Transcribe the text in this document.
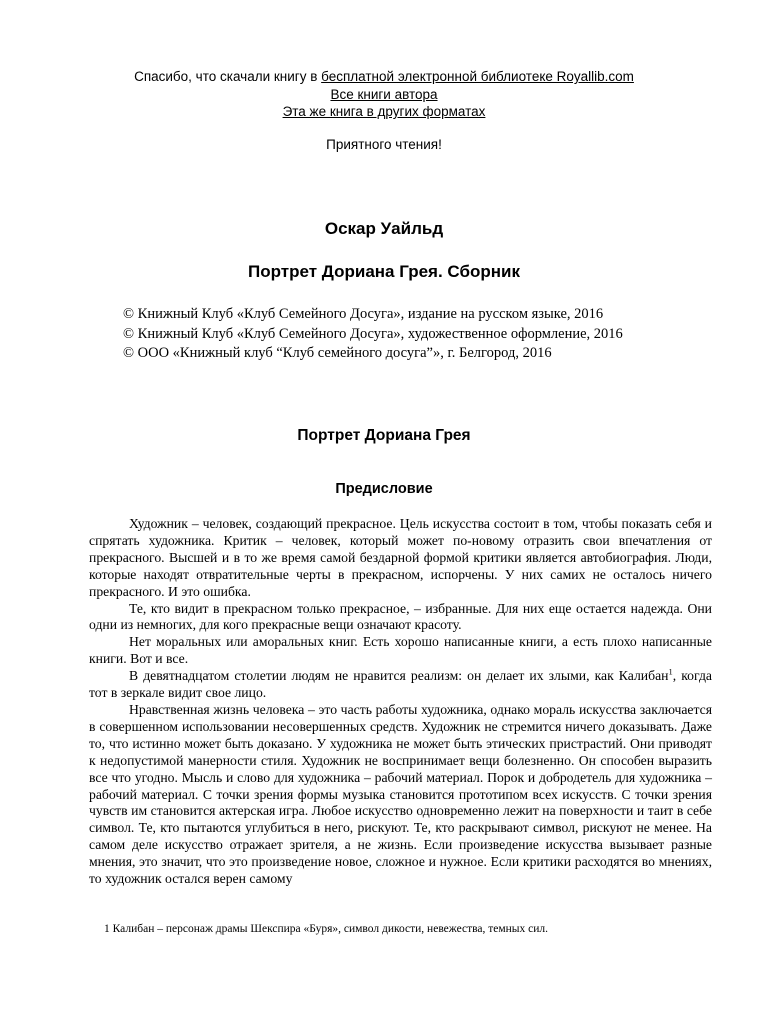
Спасибо, что скачали книгу в бесплатной электронной библиотеке Royallib.com
Все книги автора
Эта же книга в других форматах
Приятного чтения!
Оскар Уайльд
Портрет Дориана Грея. Сборник
© Книжный Клуб «Клуб Семейного Досуга», издание на русском языке, 2016
© Книжный Клуб «Клуб Семейного Досуга», художественное оформление, 2016
© ООО «Книжный клуб “Клуб семейного досуга”», г. Белгород, 2016
Портрет Дориана Грея
Предисловие

Художник – человек, создающий прекрасное. Цель искусства состоит в том, чтобы показать себя и спрятать художника. Критик – человек, который может по-новому отразить свои впечатления от прекрасного. Высшей и в то же время самой бездарной формой критики является автобиография. Люди, которые находят отвратительные черты в прекрасном, испорчены. У них самих не осталось ничего прекрасного. И это ошибка.

Те, кто видит в прекрасном только прекрасное, – избранные. Для них еще остается надежда. Они одни из немногих, для кого прекрасные вещи означают красоту.

Нет моральных или аморальных книг. Есть хорошо написанные книги, а есть плохо написанные книги. Вот и все.

В девятнадцатом столетии людям не нравится реализм: он делает их злыми, как Калибан$^1$, когда тот в зеркале видит свое лицо.

Нравственная жизнь человека – это часть работы художника, однако мораль искусства заключается в совершенном использовании несовершенных средств. Художник не стремится ничего доказывать. Даже то, что истинно может быть доказано. У художника не может быть этических пристрастий. Они приводят к недопустимой манерности стиля. Художник не воспринимает вещи болезненно. Он способен выразить все что угодно. Мысль и слово для художника – рабочий материал. Порок и добродетель для художника – рабочий материал. С точки зрения формы музыка становится прототипом всех искусств. С точки зрения чувств им становится актерская игра. Любое искусство одновременно лежит на поверхности и таит в себе символ. Те, кто пытаются углубиться в него, рискуют. Те, кто раскрывают символ, рискуют не менее. На самом деле искусство отражает зрителя, а не жизнь. Если произведение искусства вызывает разные мнения, это значит, что это произведение новое, сложное и нужное. Если критики расходятся во мнениях, то художник остался верен самому

1 Калибан – персонаж драмы Шекспира «Буря», символ дикости, невежества, темных сил.
